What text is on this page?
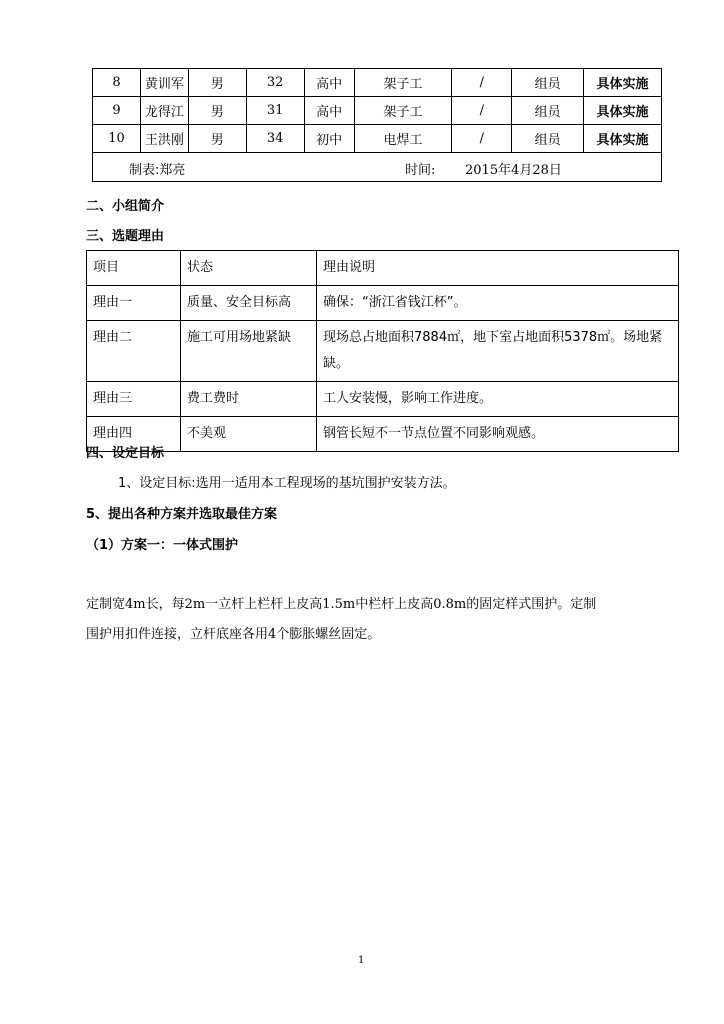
8	黄训军	男	32	高中	架子工	/	组员	具体实施
9	龙得江	男	31	高中	架子工	/	组员	具体实施
10	王洪刚	男	34	初中	电焊工	/	组员	具体实施

制表:郑亮 时间: 2015年4月28日								
二、小组简介
三、选题理由
项目	状态	理由说明
理由一	质量、安全目标高	确保：“浙江省钱江杯”。
理由二	施工可用场地紧缺	现场总占地面积7884㎡，地下室占地面积5378㎡。场地紧缺。
理由三	费工费时	工人安装慢，影响工作进度。
理由四	不美观	钢管长短不一节点位置不同影响观感。
四、设定目标
1、设定目标:选用一适用本工程现场的基坑围护安装方法。
5、提出各种方案并选取最佳方案
（1）方案一：一体式围护
定制宽4m长，每2m一立杆上栏杆上皮高1.5m中栏杆上皮高0.8m的固定样式围护。定制
围护用扣件连接，立杆底座各用4个膨胀螺丝固定。
1
